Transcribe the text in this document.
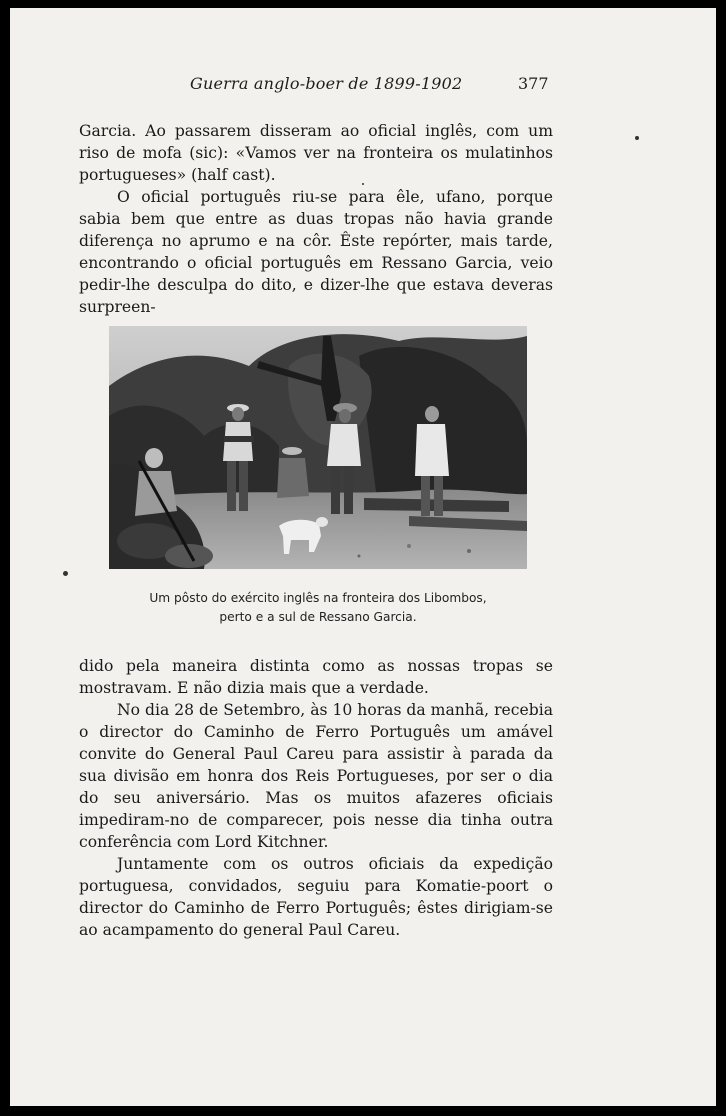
Guerra anglo-boer de 1899-1902	377

Garcia. Ao passarem disseram ao oficial inglês, com um riso de mofa (sic): «Vamos ver na fronteira os mulatinhos portugueses» (half cast).

O oficial português riu-se para êle, ufano, porque sabia bem que entre as duas tropas não havia grande diferença no aprumo e na côr. Êste repórter, mais tarde, encontrando o oficial português em Ressano Garcia, veio pedir-lhe desculpa do dito, e dizer-lhe que estava deveras surpreen-

Um pôsto do exército inglês na fronteira dos Libombos,
perto e a sul de Ressano Garcia.

dido pela maneira distinta como as nossas tropas se mostravam. E não dizia mais que a verdade.

No dia 28 de Setembro, às 10 horas da manhã, recebia o director do Caminho de Ferro Português um amável convite do General Paul Careu para assistir à parada da sua divisão em honra dos Reis Portugueses, por ser o dia do seu aniversário. Mas os muitos afazeres oficiais impediram-no de comparecer, pois nesse dia tinha outra conferência com Lord Kitchner.

Juntamente com os outros oficiais da expedição portuguesa, convidados, seguiu para Komatie-poort o director do Caminho de Ferro Português; êstes dirigiam-se ao acampamento do general Paul Careu.
